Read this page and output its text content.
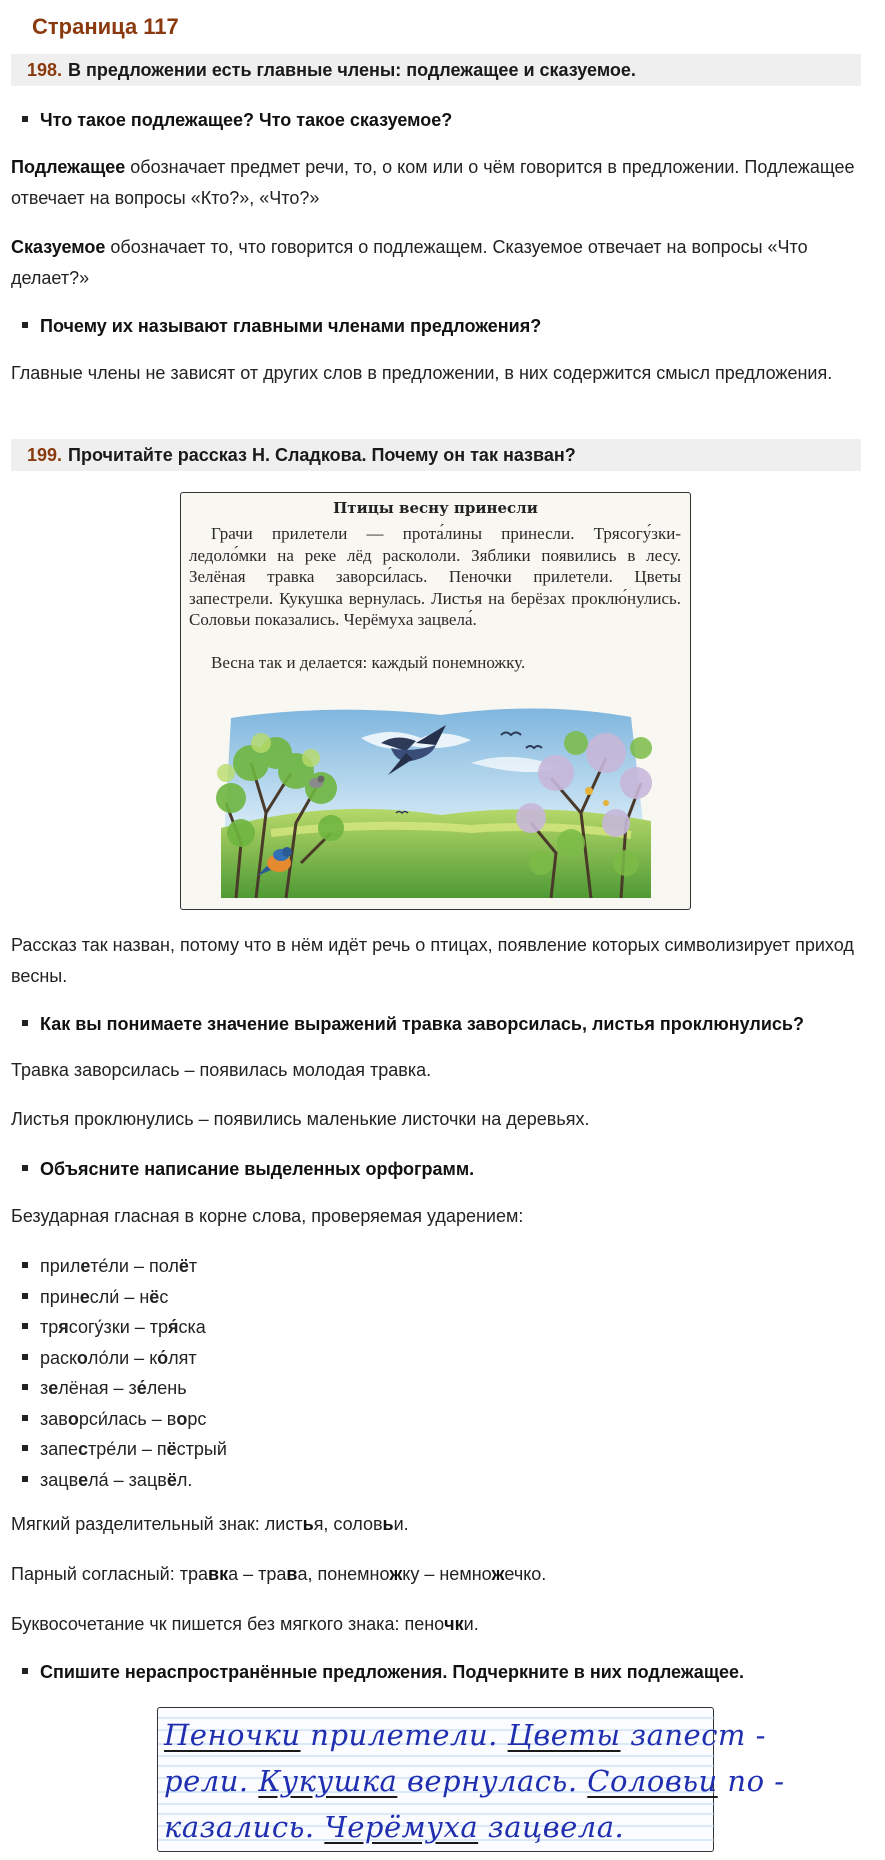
Страница 117
198. В предложении есть главные члены: подлежащее и сказуемое.
Что такое подлежащее? Что такое сказуемое?
Подлежащее обозначает предмет речи, то, о ком или о чём говорится в предложении. Подлежащее отвечает на вопросы «Кто?», «Что?»
Сказуемое обозначает то, что говорится о подлежащем. Сказуемое отвечает на вопросы «Что делает?»
Почему их называют главными членами предложения?
Главные члены не зависят от других слов в предложении, в них содержится смысл предложения.
199. Прочитайте рассказ Н. Сладкова. Почему он так назван?
Птицы весну принесли
Грачи прилетели — прота́лины принесли. Трясогу́зки-ледоло́мки на реке лёд раскололи. Зяблики появились в лесу. Зелёная травка заворси́лась. Пеночки прилетели. Цветы запестрели. Кукушка вернулась. Листья на берёзах проклю́нулись. Соловьи показались. Черёмуха зацвела́.
Весна так и делается: каждый понемножку.
Рассказ так назван, потому что в нём идёт речь о птицах, появление которых символизирует приход весны.
Как вы понимаете значение выражений травка заворсилась, листья проклюнулись?
Травка заворсилась – появилась молодая травка.
Листья проклюнулись – появились маленькие листочки на деревьях.
Объясните написание выделенных орфограмм.
Безударная гласная в корне слова, проверяемая ударением:
прилете́ли – полёт
принесли́ – нёс
трясогу́зки – тря́ска
расколо́ли – ко́лят
зелёная – зе́лень
заворси́лась – ворс
запестре́ли – пёстрый
зацвела́ – зацвёл.
Мягкий разделительный знак: листья, соловьи.
Парный согласный: травка – трава, понемножку – немножечко.
Буквосочетание чк пишется без мягкого знака: пеночки.
Спишите нераспространённые предложения. Подчеркните в них подлежащее.
Пеночки прилетели. Цветы запест -
рели. Кукушка вернулась. Соловьи по -
казались. Черёмуха зацвела.
